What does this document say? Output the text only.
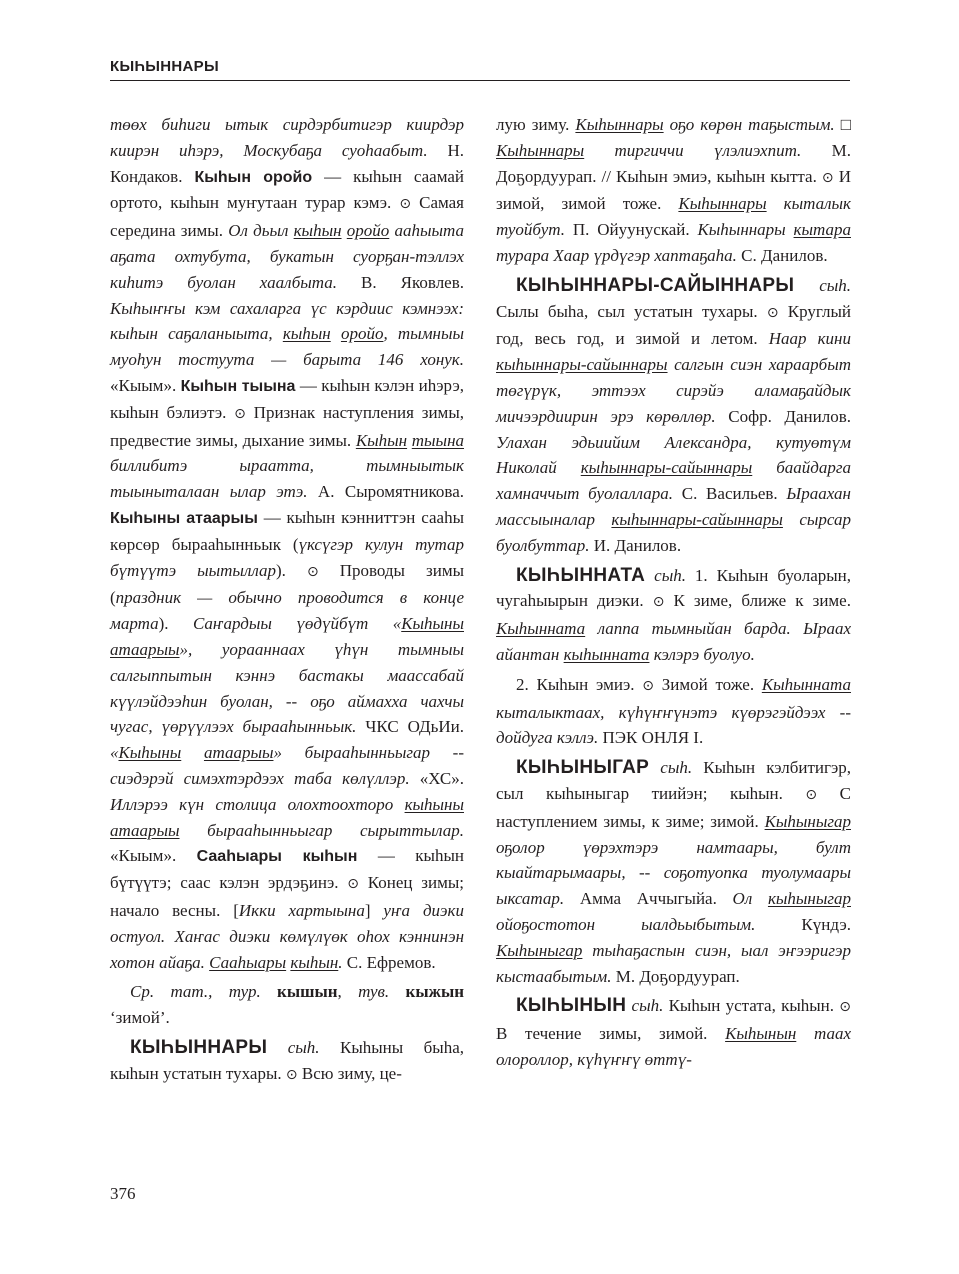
КЫҺЫННАРЫ

төөх биһиги ытык сирдэрбитигэр киирдэр киирэн иһэрэ, Москубаҕа суоһаабыт. Н. Кондаков. Кыһын оройо — кыһын саамай ортото, кыһын муҥутаан турар кэмэ. ⊙ Самая середина зимы. Ол дьыл кыһын оройо ааһыыта аҕата охтубута, букатын суорҕан-тэллэх киһитэ буолан хаалбыта. В. Яковлев. Кыһыҥҥы кэм сахаларга үс кэрдиис кэмнээх: кыһын саҕаланыыта, кыһын оройо, тымныы муоһун тостуута — барыта 146 хонук. «Кыым». Кыһын тыына — кыһын кэлэн иһэрэ, кыһын бэлиэтэ. ⊙ Признак наступления зимы, предвестие зимы, дыхание зимы. Кыһын тыына биллибитэ ыраатта, тымныытык тыыныталаан ылар этэ. А. Сыромятникова. Кыһыны атаарыы — кыһын кэнниттэн сааһы көрсөр бырааһынньык (үксүгэр кулун тутар бүтүүтэ ыытыллар). ⊙ Проводы зимы (праздник — обычно проводится в конце марта). Саҥардыы үөдүйбүт «Кыһыны атаарыы», уорааннаах үһүн тымныы салгыппытын кэннэ бастакы маассабай күүлэйдээһин буолан, -- оҕо аймахха чахчы чугас, үөрүүлээх бырааһынньык. ЧКС ОДьИи. «Кыһыны атаарыы» бырааһынньыгар -- сиэдэрэй симэхтэрдээх таба көлүллэр. «ХС». Иллэрээ күн столица олохтоохторо кыһыны атаарыы бырааһынньыгар сырыттылар. «Кыым». Сааһыары кыһын — кыһын бүтүүтэ; саас кэлэн эрдэҕинэ. ⊙ Конец зимы; начало весны. [Икки хартыына] уҥа диэки остуол. Хаҥас диэки көмүлүөк оһох кэннинэн хотон айаҕа. Сааһыары кыһын. С. Ефремов.

Ср. тат., тур. кышын, тув. кыжын ‘зимой’.

КЫҺЫННАРЫ сыһ. Кыһыны быһа, кыһын устатын тухары. ⊙ Всю зиму, це-

лую зиму. Кыһыннары оҕо көрөн таҕыстым. □ Кыһыннары тиргиччи үлэлиэхпит. М. Доҕордуурап. // Кыһын эмиэ, кыһын кытта. ⊙ И зимой, зимой тоже. Кыһыннары кыталык туойбут. П. Ойуунускай. Кыһыннары кытара турара Хаар үрдүгэр хаптаҕаһа. С. Данилов.

КЫҺЫННАРЫ-САЙЫННАРЫ сыһ. Сылы быһа, сыл устатын тухары. ⊙ Круглый год, весь год, и зимой и летом. Наар кини кыһыннары-сайыннары салгын сиэн хараарбыт төгүрүк, эттээх сирэйэ аламаҕайдык мичээрдиирин эрэ көрөллөр. Софр. Данилов. Улахан эдьиийим Александра, кутуөтүм Николай кыһыннары-сайыннары баайдарга хамначчыт буолаллара. С. Васильев. Ыраахан массыыналар кыһыннары-сайыннары сырсар буолбуттар. И. Данилов.

КЫҺЫННАТА сыһ. 1. Кыһын буоларын, чугаһыырын диэки. ⊙ К зиме, ближе к зиме. Кыһынната лаппа тымныйан барда. Ыраах айантан кыһынната кэлэрэ буолуо.

2. Кыһын эмиэ. ⊙ Зимой тоже. Кыһынната кыталыктаах, күһүҥҥүнэтэ күөрэгэйдээх -- дойдуга кэллэ. ПЭК ОНЛЯ I.

КЫҺЫНЫГАР сыһ. Кыһын кэлбитигэр, сыл кыһыныгар тиийэн; кыһын. ⊙ С наступлением зимы, к зиме; зимой. Кыһыныгар оҕолор үөрэхтэрэ намтаары, булт кыайтарымаары, -- соҕотуопка туолумаары ыксатар. Амма Аччыгыйа. Ол кыһыныгар ойоҕостотон ыалдьыбытым. Күндэ. Кыһыныгар тыһаҕаспын сиэн, ыал эҥээригэр кыстаабытым. М. Доҕордуурап.

КЫҺЫНЫН сыһ. Кыһын устата, кыһын. ⊙ В течение зимы, зимой. Кыһынын таах олороллор, күһүҥҥү өттү-

376
